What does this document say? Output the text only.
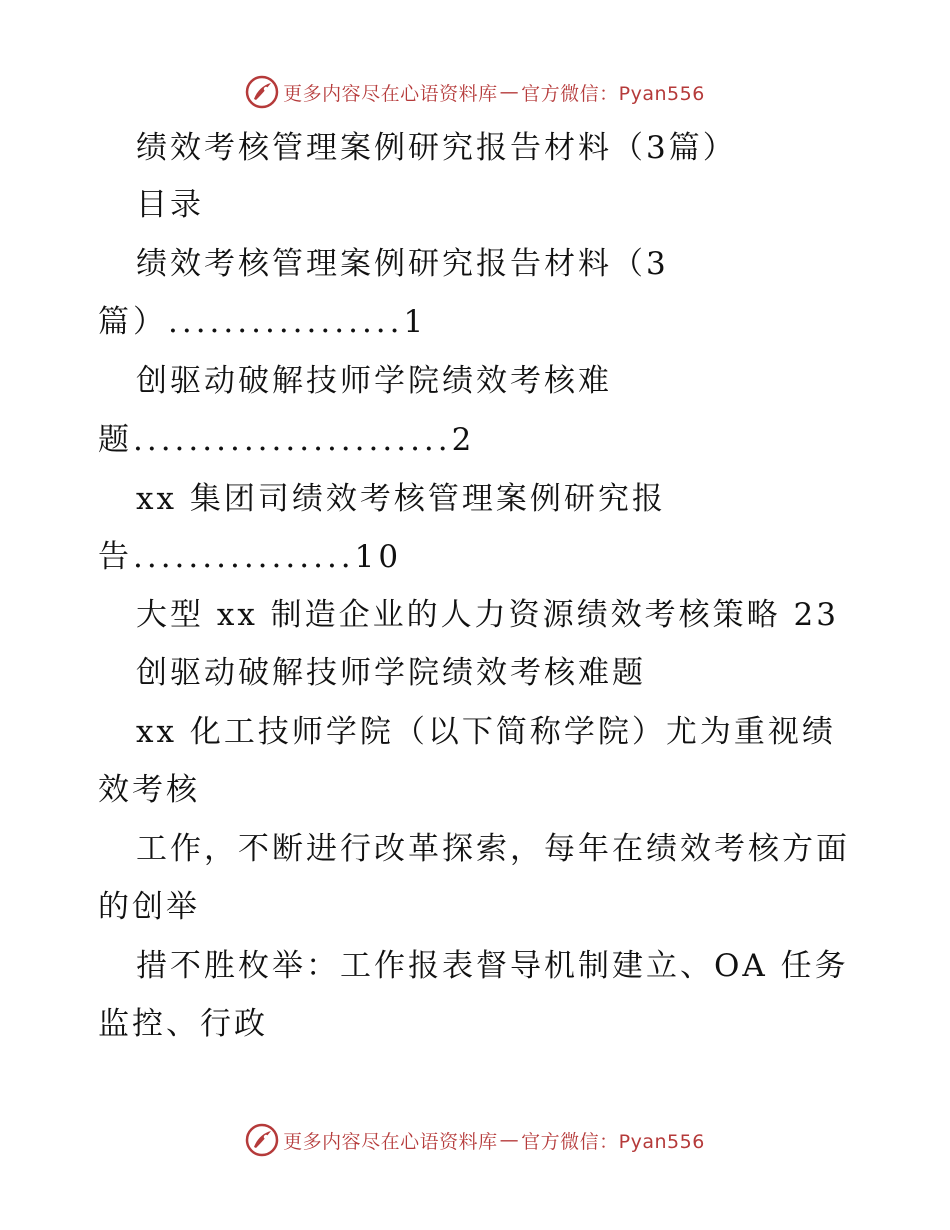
更多内容尽在心语资料库 — 官方微信：Pyan556
绩效考核管理案例研究报告材料（3篇）
目录
绩效考核管理案例研究报告材料（3
篇）.................1
创驱动破解技师学院绩效考核难
题.......................2
xx 集团司绩效考核管理案例研究报
告................10
大型 xx 制造企业的人力资源绩效考核策略 23
创驱动破解技师学院绩效考核难题
xx 化工技师学院（以下简称学院）尤为重视绩
效考核
工作，不断进行改革探索，每年在绩效考核方面
的创举
措不胜枚举：工作报表督导机制建立、OA 任务
监控、行政
更多内容尽在心语资料库 — 官方微信：Pyan556
